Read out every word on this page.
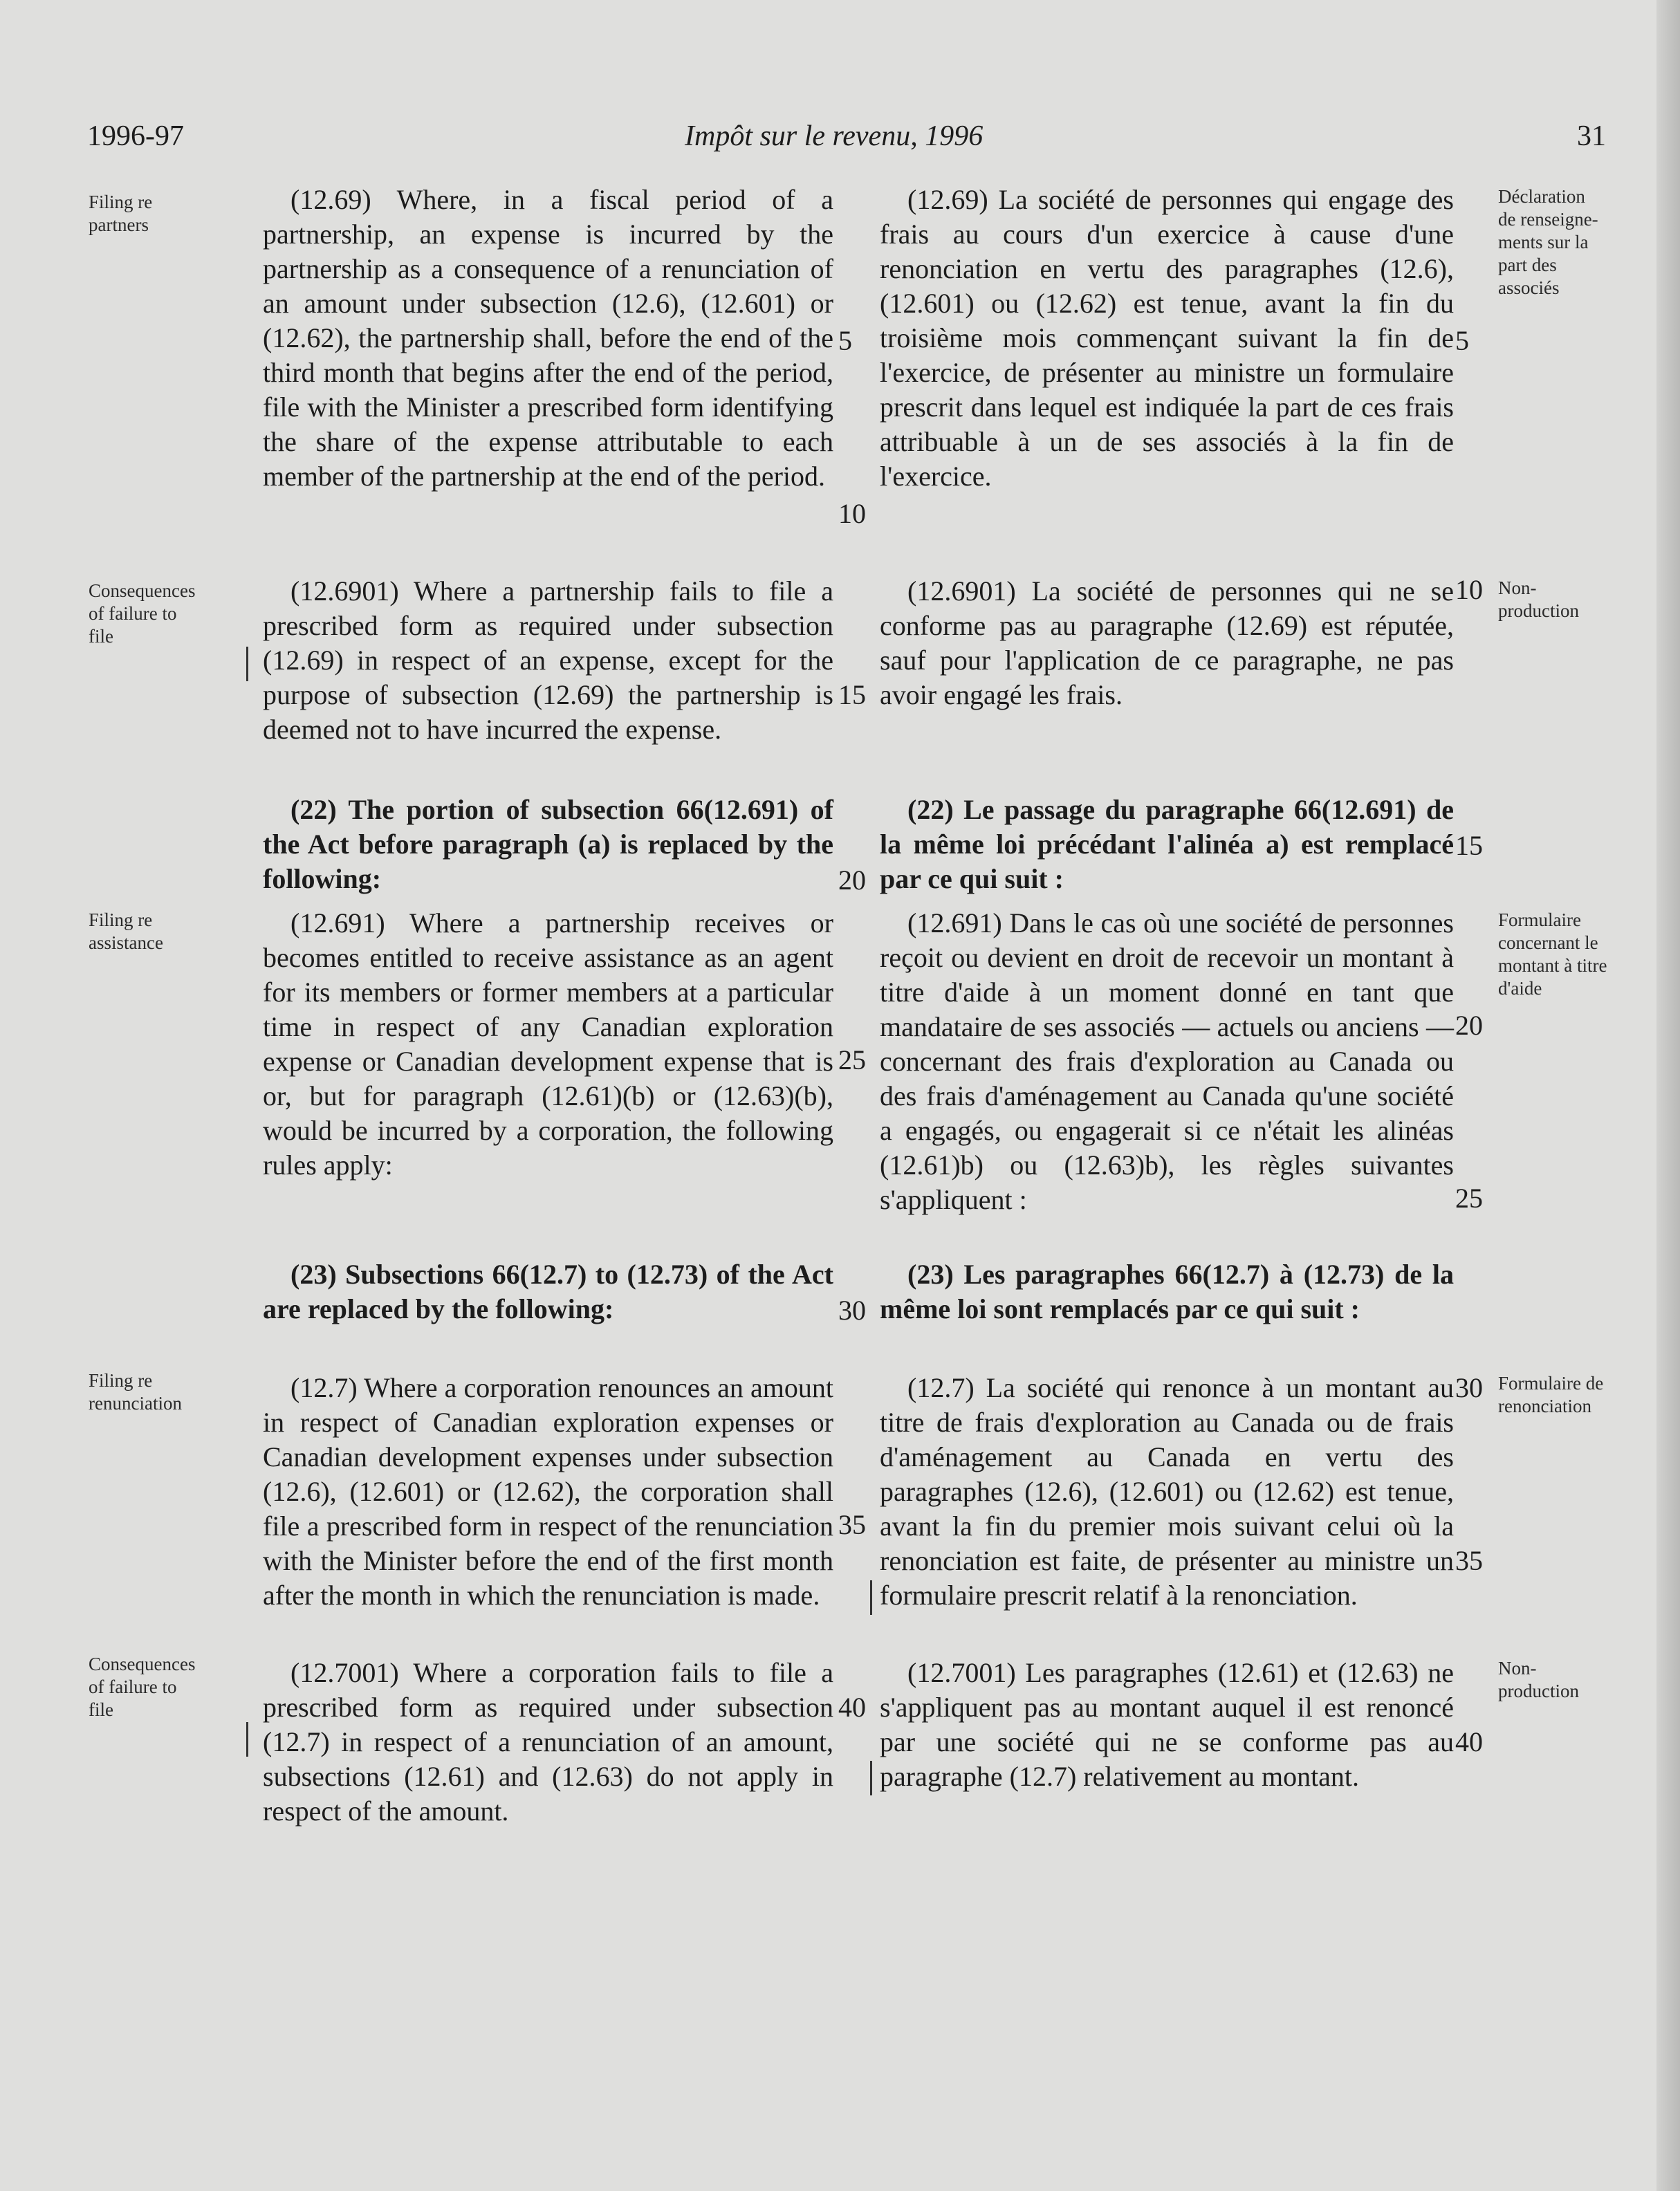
1996-97	Impôt sur le revenu, 1996	31
Filing re partners
Consequences of failure to file
Filing re assistance
Filing re renunciation
Consequences of failure to file
Déclaration de renseigne-ments sur la part des associés
Non-production
Formulaire concernant le montant à titre d'aide
Formulaire de renonciation
Non-production

(12.69) Where, in a fiscal period of a partnership, an expense is incurred by the partnership as a consequence of a renunciation of an amount under subsection (12.6), (12.601) or (12.62), the partnership shall, before the end of the third month that begins after the end of the period, file with the Minister a prescribed form identifying the share of the expense attributable to each member of the partnership at the end of the period.

(12.6901) Where a partnership fails to file a prescribed form as required under subsection (12.69) in respect of an expense, except for the purpose of subsection (12.69) the partnership is deemed not to have incurred the expense.

(22) The portion of subsection 66(12.691) of the Act before paragraph (a) is replaced by the following:

(12.691) Where a partnership receives or becomes entitled to receive assistance as an agent for its members or former members at a particular time in respect of any Canadian exploration expense or Canadian development expense that is or, but for paragraph (12.61)(b) or (12.63)(b), would be incurred by a corporation, the following rules apply:

(23) Subsections 66(12.7) to (12.73) of the Act are replaced by the following:

(12.7) Where a corporation renounces an amount in respect of Canadian exploration expenses or Canadian development expenses under subsection (12.6), (12.601) or (12.62), the corporation shall file a prescribed form in respect of the renunciation with the Minister before the end of the first month after the month in which the renunciation is made.

(12.7001) Where a corporation fails to file a prescribed form as required under subsection (12.7) in respect of a renunciation of an amount, subsections (12.61) and (12.63) do not apply in respect of the amount.

(12.69) La société de personnes qui engage des frais au cours d'un exercice à cause d'une renonciation en vertu des paragraphes (12.6), (12.601) ou (12.62) est tenue, avant la fin du troisième mois commençant suivant la fin de l'exercice, de présenter au ministre un formulaire prescrit dans lequel est indiquée la part de ces frais attribuable à un de ses associés à la fin de l'exercice.

(12.6901) La société de personnes qui ne se conforme pas au paragraphe (12.69) est réputée, sauf pour l'application de ce paragraphe, ne pas avoir engagé les frais.

(22) Le passage du paragraphe 66(12.691) de la même loi précédant l'alinéa a) est remplacé par ce qui suit :

(12.691) Dans le cas où une société de personnes reçoit ou devient en droit de recevoir un montant à titre d'aide à un moment donné en tant que mandataire de ses associés — actuels ou anciens — concernant des frais d'exploration au Canada ou des frais d'aménagement au Canada qu'une société a engagés, ou engagerait si ce n'était les alinéas (12.61)b) ou (12.63)b), les règles suivantes s'appliquent :

(23) Les paragraphes 66(12.7) à (12.73) de la même loi sont remplacés par ce qui suit :

(12.7) La société qui renonce à un montant au titre de frais d'exploration au Canada ou de frais d'aménagement au Canada en vertu des paragraphes (12.6), (12.601) ou (12.62) est tenue, avant la fin du premier mois suivant celui où la renonciation est faite, de présenter au ministre un formulaire prescrit relatif à la renonciation.

(12.7001) Les paragraphes (12.61) et (12.63) ne s'appliquent pas au montant auquel il est renoncé par une société qui ne se conforme pas au paragraphe (12.7) relativement au montant.

5
10
15
20
25
30
35
40
5
10
15
20
25
30
35
40
